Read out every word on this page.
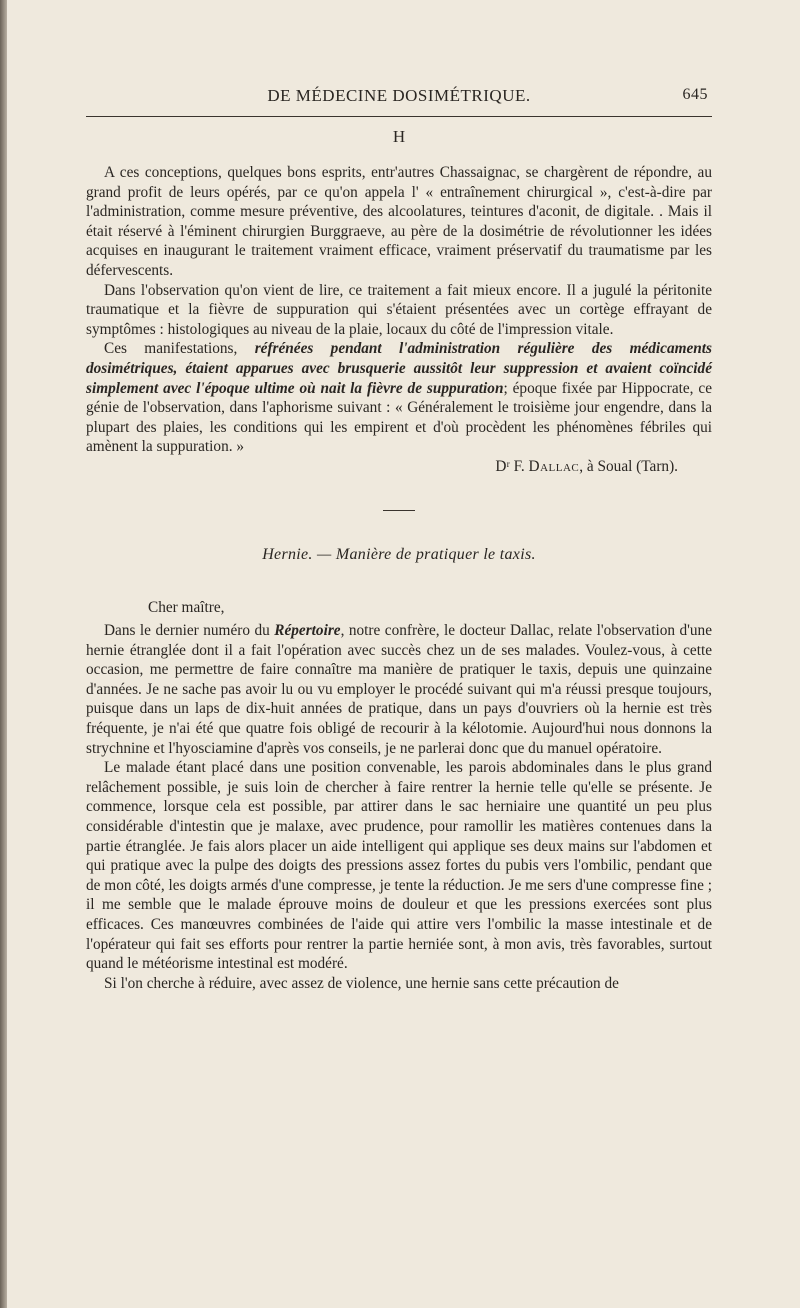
DE MÉDECINE DOSIMÉTRIQUE.	645
H

A ces conceptions, quelques bons esprits, entr'autres Chassaignac, se chargèrent de répondre, au grand profit de leurs opérés, par ce qu'on appela l' « entraînement chirurgical », c'est-à-dire par l'administration, comme mesure préventive, des alcoolatures, teintures d'aconit, de digitale. . Mais il était réservé à l'éminent chirurgien Burggraeve, au père de la dosimétrie de révolutionner les idées acquises en inaugurant le traitement vraiment efficace, vraiment préservatif du traumatisme par les défervescents.

Dans l'observation qu'on vient de lire, ce traitement a fait mieux encore. Il a jugulé la péritonite traumatique et la fièvre de suppuration qui s'étaient présentées avec un cortège effrayant de symptômes : histologiques au niveau de la plaie, locaux du côté de l'impression vitale.

Ces manifestations, réfrénées pendant l'administration régulière des médicaments dosimétriques, étaient apparues avec brusquerie aussitôt leur suppression et avaient coïncidé simplement avec l'époque ultime où nait la fièvre de suppuration; époque fixée par Hippocrate, ce génie de l'observation, dans l'aphorisme suivant : « Généralement le troisième jour engendre, dans la plupart des plaies, les conditions qui les empirent et d'où procèdent les phénomènes fébriles qui amènent la suppuration. »

Dʳ F. Dallac, à Soual (Tarn).
Hernie. — Manière de pratiquer le taxis.
Cher maître,

Dans le dernier numéro du Répertoire, notre confrère, le docteur Dallac, relate l'observation d'une hernie étranglée dont il a fait l'opération avec succès chez un de ses malades. Voulez-vous, à cette occasion, me permettre de faire connaître ma manière de pratiquer le taxis, depuis une quinzaine d'années. Je ne sache pas avoir lu ou vu employer le procédé suivant qui m'a réussi presque toujours, puisque dans un laps de dix-huit années de pratique, dans un pays d'ouvriers où la hernie est très fréquente, je n'ai été que quatre fois obligé de recourir à la kélotomie. Aujourd'hui nous donnons la strychnine et l'hyosciamine d'après vos conseils, je ne parlerai donc que du manuel opératoire.

Le malade étant placé dans une position convenable, les parois abdominales dans le plus grand relâchement possible, je suis loin de chercher à faire rentrer la hernie telle qu'elle se présente. Je commence, lorsque cela est possible, par attirer dans le sac herniaire une quantité un peu plus considérable d'intestin que je malaxe, avec prudence, pour ramollir les matières contenues dans la partie étranglée. Je fais alors placer un aide intelligent qui applique ses deux mains sur l'abdomen et qui pratique avec la pulpe des doigts des pressions assez fortes du pubis vers l'ombilic, pendant que de mon côté, les doigts armés d'une compresse, je tente la réduction. Je me sers d'une compresse fine ; il me semble que le malade éprouve moins de douleur et que les pressions exercées sont plus efficaces. Ces manœuvres combinées de l'aide qui attire vers l'ombilic la masse intestinale et de l'opérateur qui fait ses efforts pour rentrer la partie herniée sont, à mon avis, très favorables, surtout quand le météorisme intestinal est modéré.

Si l'on cherche à réduire, avec assez de violence, une hernie sans cette précaution de
